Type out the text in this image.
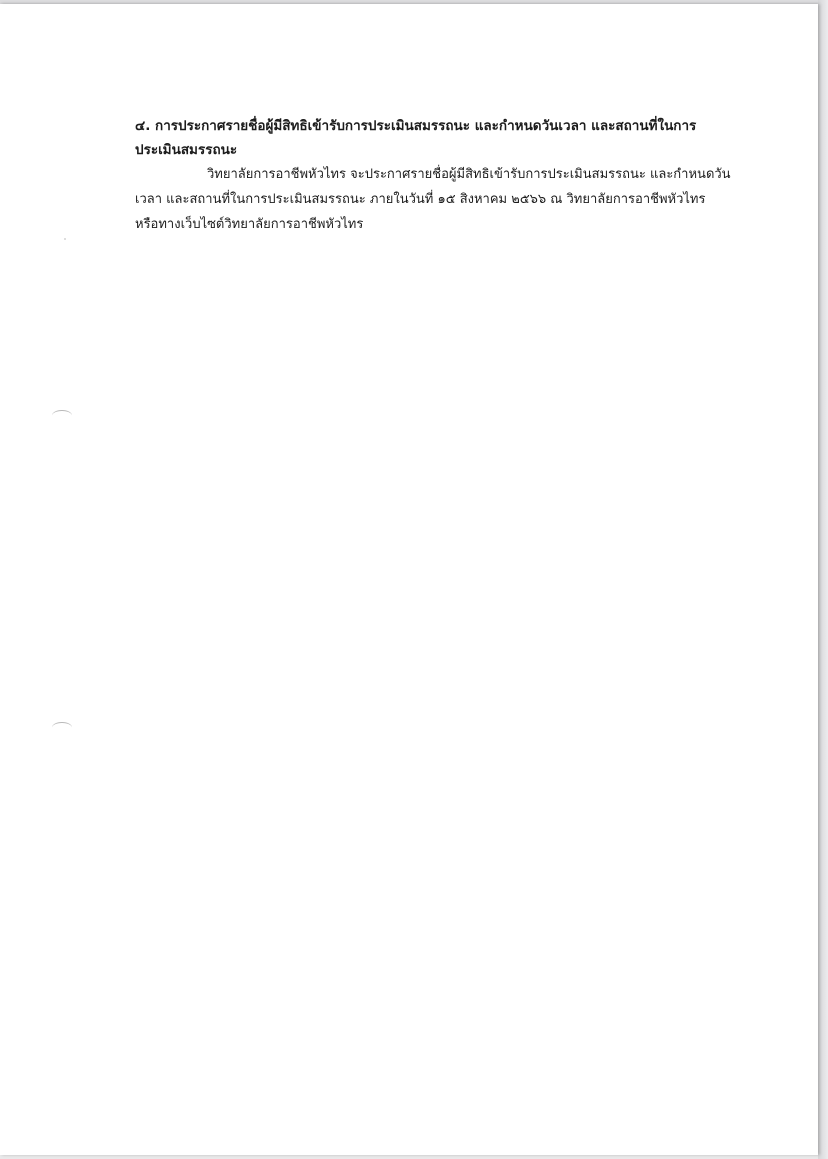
๔. การประกาศรายชื่อผู้มีสิทธิเข้ารับการประเมินสมรรถนะ และกำหนดวันเวลา และสถานที่ในการ
ประเมินสมรรถนะ

วิทยาลัยการอาชีพหัวไทร จะประกาศรายชื่อผู้มีสิทธิเข้ารับการประเมินสมรรถนะ และกำหนดวัน
เวลา และสถานที่ในการประเมินสมรรถนะ ภายในวันที่ ๑๕ สิงหาคม ๒๕๖๖ ณ วิทยาลัยการอาชีพหัวไทร
หรือทางเว็บไซต์วิทยาลัยการอาชีพหัวไทร
